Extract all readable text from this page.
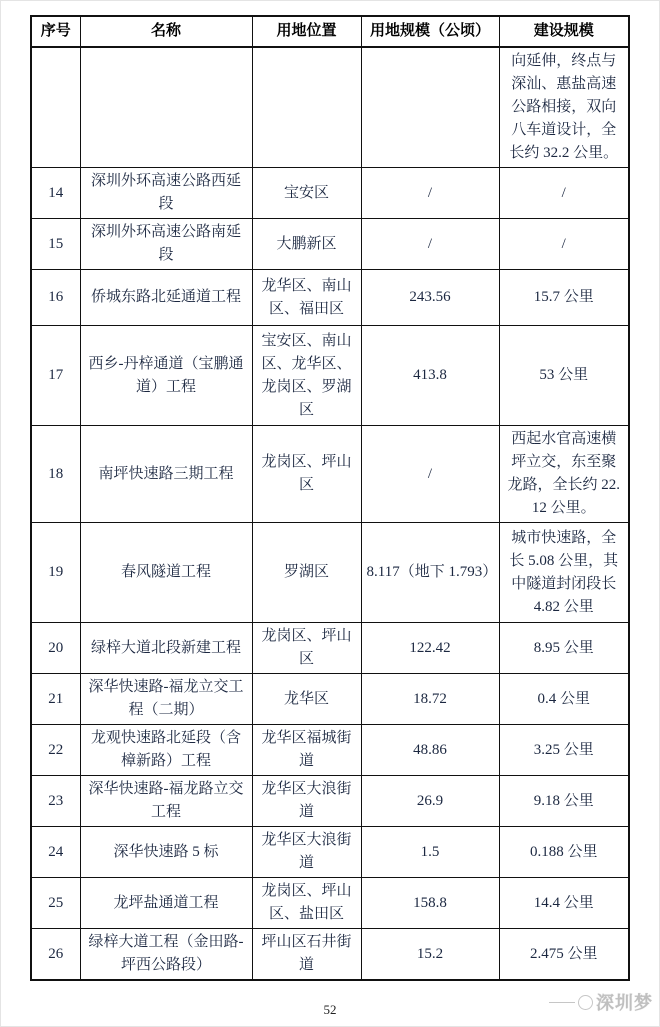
序号	名称	用地位置	用地规模（公顷）	建设规模
				向延伸，终点与深汕、惠盐高速公路相接，双向八车道设计，全长约 32.2 公里。
14	深圳外环高速公路西延段	宝安区	/	/
15	深圳外环高速公路南延段	大鹏新区	/	/
16	侨城东路北延通道工程	龙华区、南山区、福田区	243.56	15.7 公里
17	西乡-丹梓通道（宝鹏通道）工程	宝安区、南山区、龙华区、龙岗区、罗湖区	413.8	53 公里
18	南坪快速路三期工程	龙岗区、坪山区	/	西起水官高速横坪立交，东至聚龙路，全长约 22.12 公里。
19	春风隧道工程	罗湖区	8.117（地下 1.793）	城市快速路，全长 5.08 公里，其中隧道封闭段长 4.82 公里
20	绿梓大道北段新建工程	龙岗区、坪山区	122.42	8.95 公里
21	深华快速路-福龙立交工程（二期）	龙华区	18.72	0.4 公里
22	龙观快速路北延段（含樟新路）工程	龙华区福城街道	48.86	3.25 公里
23	深华快速路-福龙路立交工程	龙华区大浪街道	26.9	9.18 公里
24	深华快速路 5 标	龙华区大浪街道	1.5	0.188 公里
25	龙坪盐通道工程	龙岗区、坪山区、盐田区	158.8	14.4 公里
26	绿梓大道工程（金田路-坪西公路段）	坪山区石井街道	15.2	2.475 公里
52	深圳梦
